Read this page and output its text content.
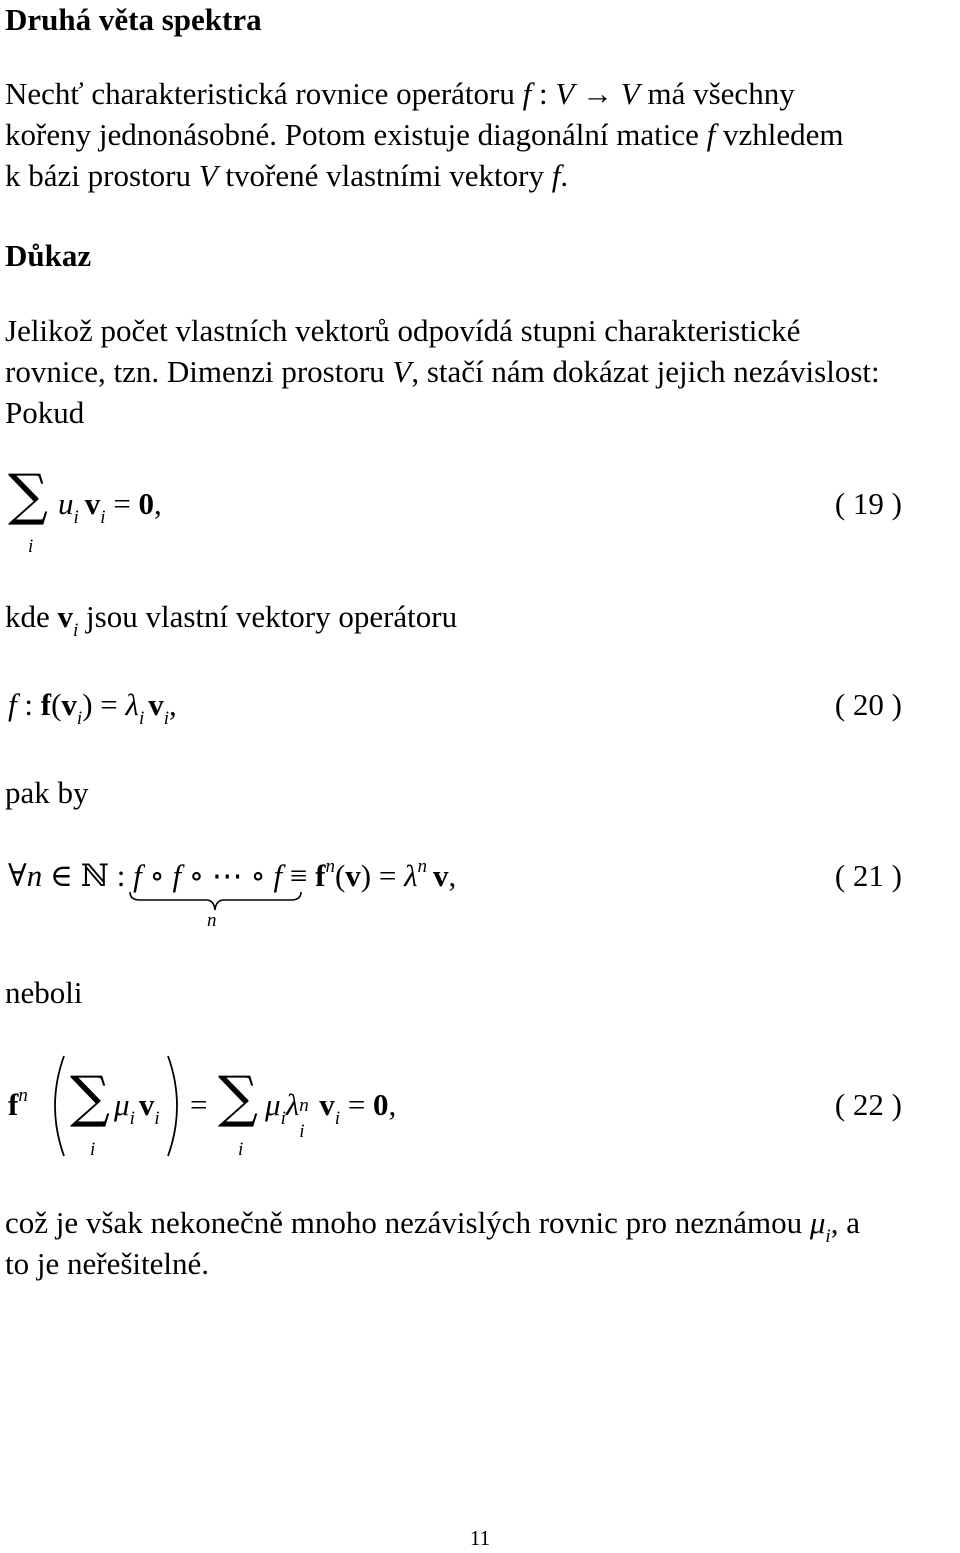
Druhá věta spektra
Nechť charakteristická rovnice operátoru f : V → V má všechny
kořeny jednonásobné. Potom existuje diagonální matice f vzhledem
k bázi prostoru V tvořené vlastními vektory f.
Důkaz
Jelikož počet vlastních vektorů odpovídá stupni charakteristické
rovnice, tzn. Dimenzi prostoru V, stačí nám dokázat jejich nezávislost:
Pokud
∑
i
$u_i$ $v_i = 0$,	( 19 )
kde $v_i$ jsou vlastní vektory operátoru
f : $f(v_i) = \lambda_i$ $v_i$,	( 20 )
pak by
∀n ∈ ℕ : f ∘ f ∘ ⋯ ∘ $f \equiv f^n(v) = \lambda^n$ v,
n
( 21 )
neboli
$f^n$ ∑
i
$\mu_i$ $v_i$ = ∑
i
$\mu_i\lambda$ n
i
$v_i = 0$,	( 22 )
což je však nekonečně mnoho nezávislých rovnic pro neznámou $\mu_i$, a
to je neřešitelné.
11
